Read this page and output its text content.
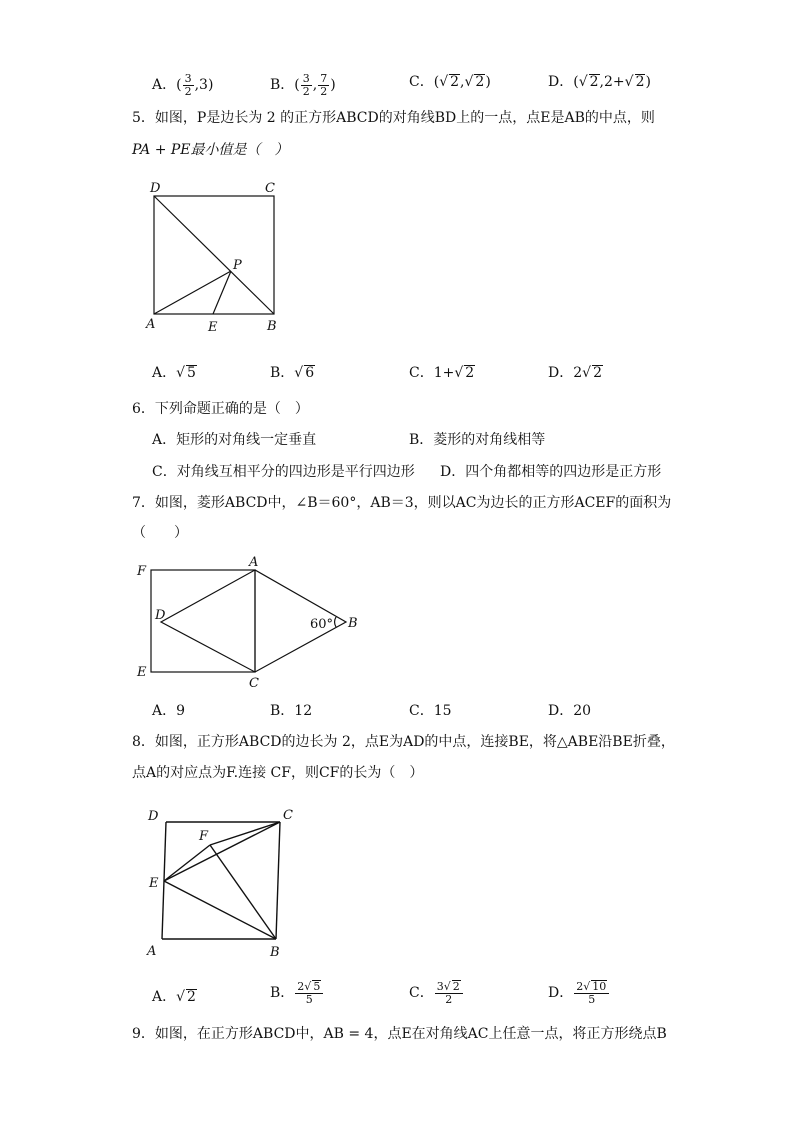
A．( $\frac{3}{2} ,3$)	B．( $\frac{3}{2}$ , $\frac{7}{2}$ )	C．(√ 2,√ 2)	D．(√ 2,2+√ 2)
5．如图，P是边长为 2 的正方形ABCD的对角线BD上的一点，点E是AB的中点，则
PA + PE最小值是（　）
D	C
P
A	E	B
F
A
D
B
60°
E
C
D	C
F
E
A	B
A．√ 5	B．√ 6	C．1+√ 2	D．2√ 2
6．下列命题正确的是（　）
A．矩形的对角线一定垂直	B．菱形的对角线相等
C．对角线互相平分的四边形是平行四边形 D．四个角都相等的四边形是正方形
7．如图，菱形ABCD中，∠B＝60°，AB＝3，则以AC为边长的正方形ACEF的面积为
（　　）
A．9	B．12	C．15	D．20
8．如图，正方形ABCD的边长为 2，点E为AD的中点，连接BE，将△ABE沿BE折叠，
点A的对应点为F.连接 CF，则CF的长为（　）
A．√ 2	B． $\frac{2√ 5}{5}$	C． $\frac{3√ 2}{2}$	D． $\frac{2√ 10}{5}$
9．如图，在正方形ABCD中，AB = 4，点E在对角线AC上任意一点，将正方形绕点B
